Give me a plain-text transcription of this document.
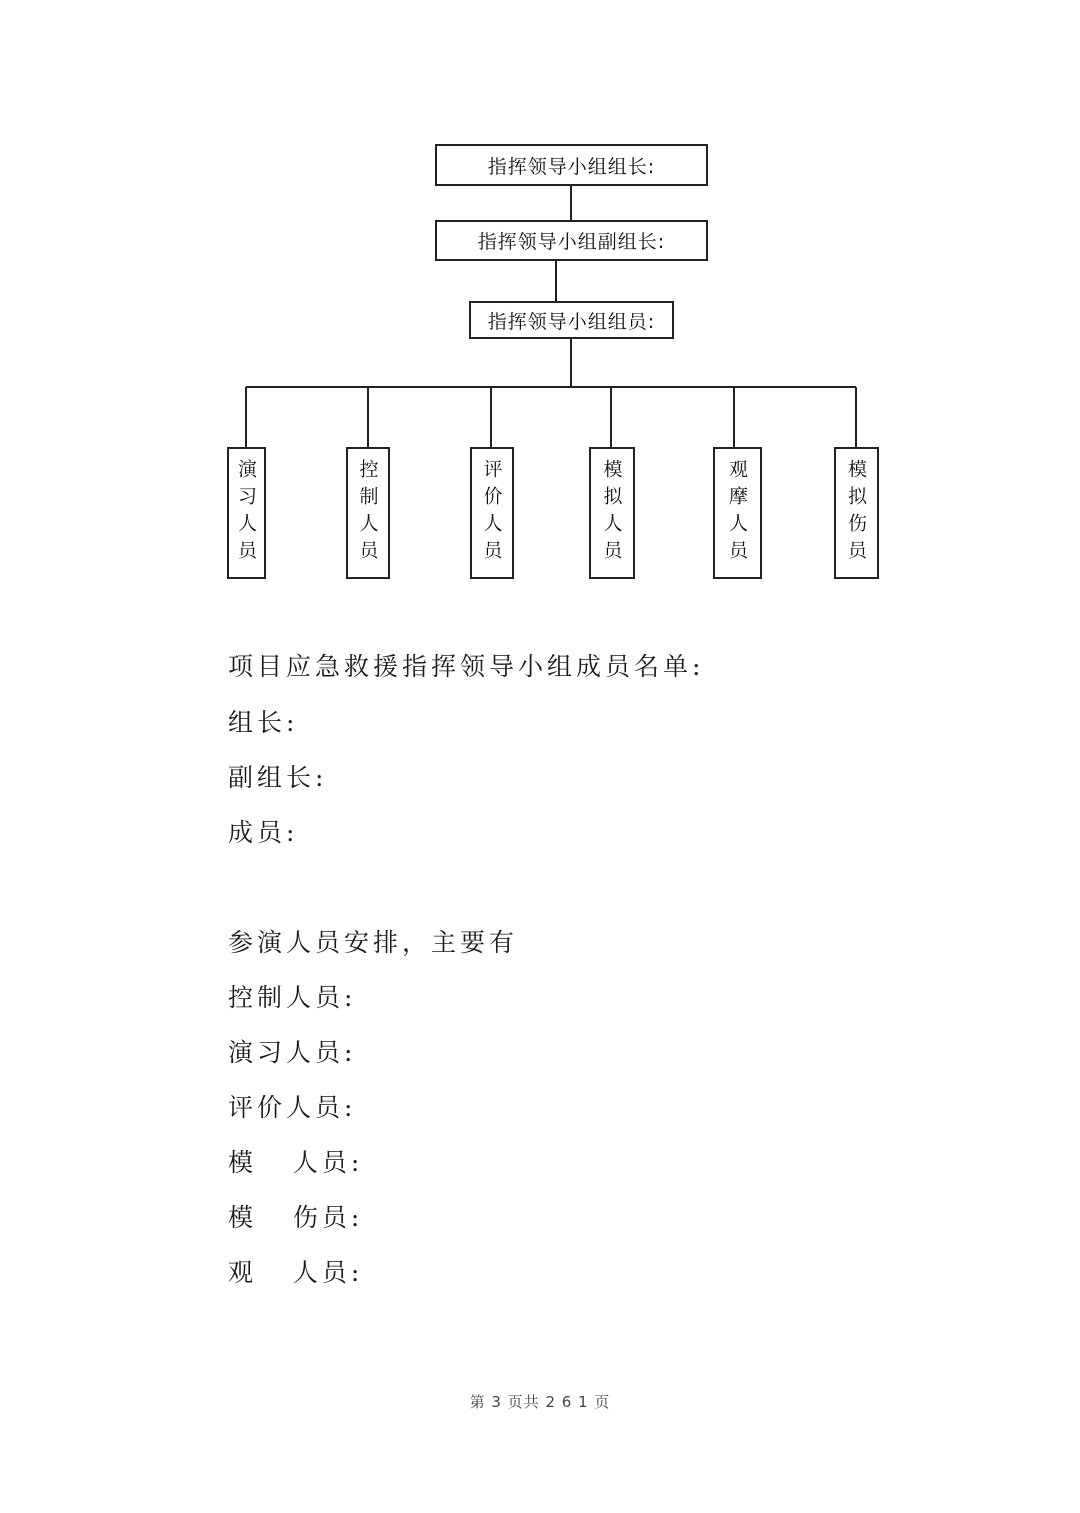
指挥领导小组组长:
指挥领导小组副组长:
指挥领导小组组员:
演习人员	控制人员	评价人员	模拟人员	观摩人员	模拟伤员
项目应急救援指挥领导小组成员名单:
组长:
副组长:
成员:
参演人员安排，主要有
控制人员:
演习人员:
评价人员:
模   人员:
模   伤员:
观   人员:
第 3 页共 2 6 1 页
